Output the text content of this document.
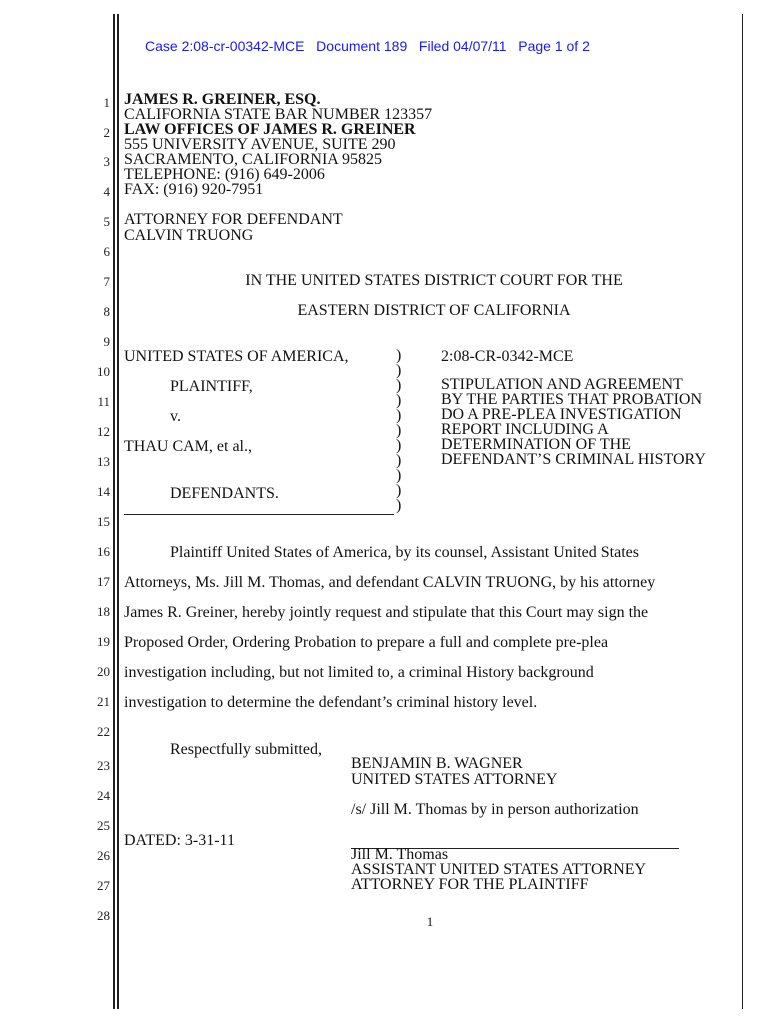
Case 2:08-cr-00342-MCE   Document 189   Filed 04/07/11   Page 1 of 2
1
2
3
4
5
6
7
8
9
10
11
12
13
14
15
16
17
18
19
20
21
22
23
24
25
26
27
28
JAMES R. GREINER, ESQ.
CALIFORNIA STATE BAR NUMBER 123357
LAW OFFICES OF JAMES R. GREINER
555 UNIVERSITY AVENUE, SUITE 290
SACRAMENTO, CALIFORNIA 95825
TELEPHONE: (916) 649-2006
FAX: (916) 920-7951
ATTORNEY FOR DEFENDANT
CALVIN TRUONG
IN THE UNITED STATES DISTRICT COURT FOR THE
EASTERN DISTRICT OF CALIFORNIA
UNITED STATES OF AMERICA,
PLAINTIFF,
v.
THAU CAM, et al.,
DEFENDANTS.
)
)
)
)
)
)
)
)
)
)
)
2:08-CR-0342-MCE
STIPULATION AND AGREEMENT
BY THE PARTIES THAT PROBATION
DO A PRE-PLEA INVESTIGATION
REPORT INCLUDING A
DETERMINATION OF THE
DEFENDANT’S CRIMINAL HISTORY
Plaintiff United States of America, by its counsel, Assistant United States
Attorneys, Ms. Jill M. Thomas, and defendant CALVIN TRUONG, by his attorney
James R. Greiner, hereby jointly request and stipulate that this Court may sign the
Proposed Order, Ordering Probation to prepare a full and complete pre-plea
investigation including, but not limited to, a criminal History background
investigation to determine the defendant’s criminal history level.
Respectfully submitted,
BENJAMIN B. WAGNER
UNITED STATES ATTORNEY
/s/ Jill M. Thomas by in person authorization
DATED: 3-31-11
Jill M. Thomas
ASSISTANT UNITED STATES ATTORNEY
ATTORNEY FOR THE PLAINTIFF
1
